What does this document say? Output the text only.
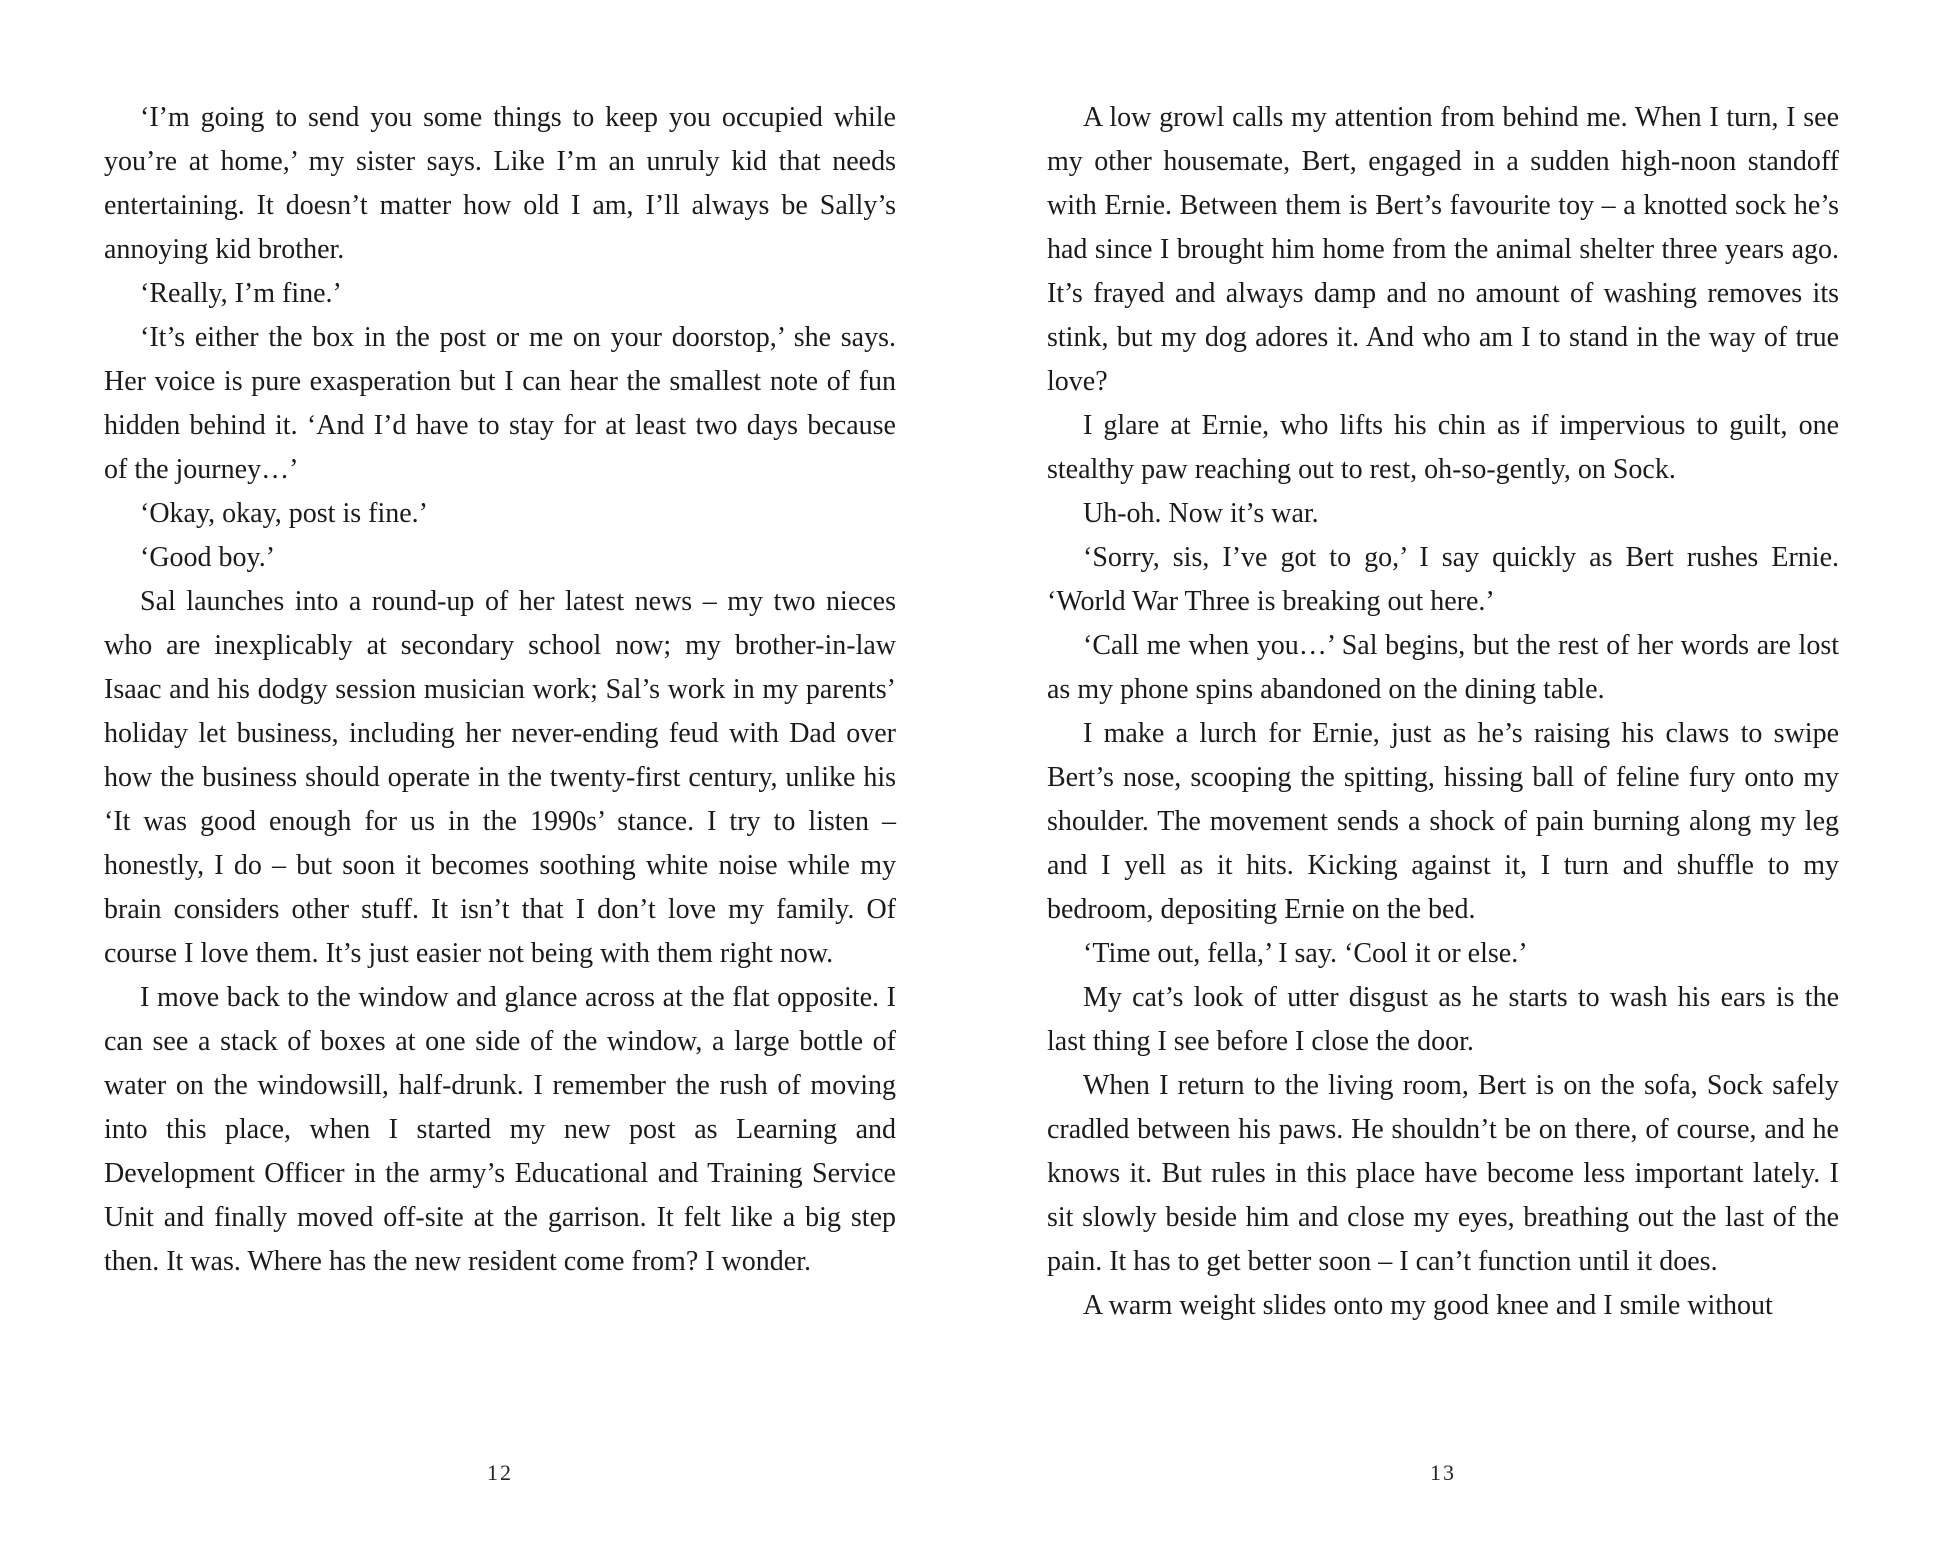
‘I’m going to send you some things to keep you occupied while you’re at home,’ my sister says. Like I’m an unruly kid that needs entertaining. It doesn’t matter how old I am, I’ll always be Sally’s annoying kid brother.

‘Really, I’m fine.’

‘It’s either the box in the post or me on your doorstop,’ she says. Her voice is pure exasperation but I can hear the smallest note of fun hidden behind it. ‘And I’d have to stay for at least two days because of the journey…’

‘Okay, okay, post is fine.’

‘Good boy.’

Sal launches into a round-up of her latest news – my two nieces who are inexplicably at secondary school now; my brother-in-law Isaac and his dodgy session musician work; Sal’s work in my parents’ holiday let business, including her never-ending feud with Dad over how the business should operate in the twenty-first century, unlike his ‘It was good enough for us in the 1990s’ stance. I try to listen – honestly, I do – but soon it becomes soothing white noise while my brain considers other stuff. It isn’t that I don’t love my family. Of course I love them. It’s just easier not being with them right now.

I move back to the window and glance across at the flat opposite. I can see a stack of boxes at one side of the window, a large bottle of water on the windowsill, half-drunk. I remember the rush of moving into this place, when I started my new post as Learning and Development Officer in the army’s Educational and Training Service Unit and finally moved off-site at the garrison. It felt like a big step then. It was. Where has the new resident come from? I wonder.

12

A low growl calls my attention from behind me. When I turn, I see my other housemate, Bert, engaged in a sudden high-noon standoff with Ernie. Between them is Bert’s favourite toy – a knotted sock he’s had since I brought him home from the animal shelter three years ago. It’s frayed and always damp and no amount of washing removes its stink, but my dog adores it. And who am I to stand in the way of true love?

I glare at Ernie, who lifts his chin as if impervious to guilt, one stealthy paw reaching out to rest, oh-so-gently, on Sock.

Uh-oh. Now it’s war.

‘Sorry, sis, I’ve got to go,’ I say quickly as Bert rushes Ernie. ‘World War Three is breaking out here.’

‘Call me when you…’ Sal begins, but the rest of her words are lost as my phone spins abandoned on the dining table.

I make a lurch for Ernie, just as he’s raising his claws to swipe Bert’s nose, scooping the spitting, hissing ball of feline fury onto my shoulder. The movement sends a shock of pain burning along my leg and I yell as it hits. Kicking against it, I turn and shuffle to my bedroom, depositing Ernie on the bed.

‘Time out, fella,’ I say. ‘Cool it or else.’

My cat’s look of utter disgust as he starts to wash his ears is the last thing I see before I close the door.

When I return to the living room, Bert is on the sofa, Sock safely cradled between his paws. He shouldn’t be on there, of course, and he knows it. But rules in this place have become less important lately. I sit slowly beside him and close my eyes, breathing out the last of the pain. It has to get better soon – I can’t function until it does.

A warm weight slides onto my good knee and I smile without

13
